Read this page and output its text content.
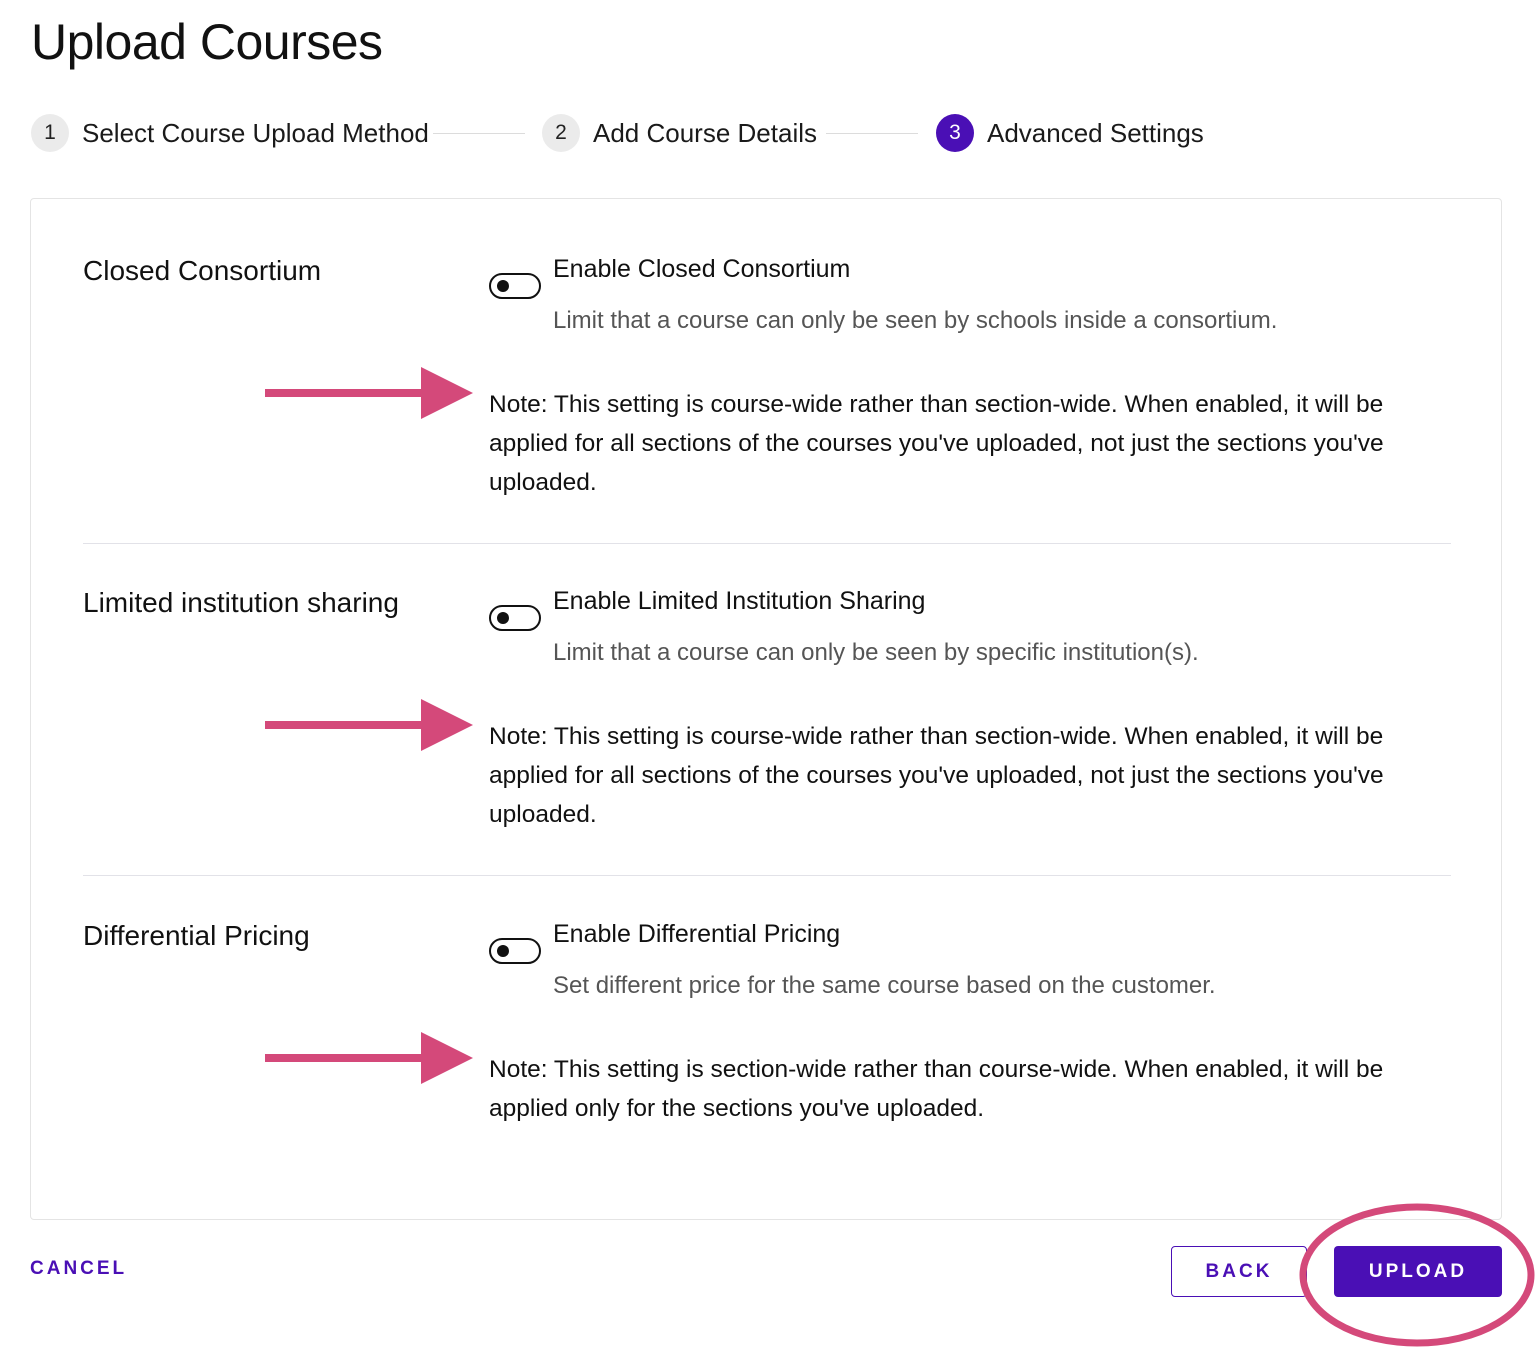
Upload Courses
1	Select Course Upload Method	2	Add Course Details	3	Advanced Settings
Closed Consortium	Enable Closed Consortium
Limit that a course can only be seen by schools inside a consortium.

Note: This setting is course-wide rather than section-wide. When enabled, it will be applied for all sections of the courses you've uploaded, not just the sections you've uploaded.

Limited institution sharing	Enable Limited Institution Sharing
Limit that a course can only be seen by specific institution(s).

Note: This setting is course-wide rather than section-wide. When enabled, it will be applied for all sections of the courses you've uploaded, not just the sections you've uploaded.

Differential Pricing	Enable Differential Pricing
Set different price for the same course based on the customer.

Note: This setting is section-wide rather than course-wide. When enabled, it will be applied only for the sections you've uploaded.

CANCEL	BACK	UPLOAD
